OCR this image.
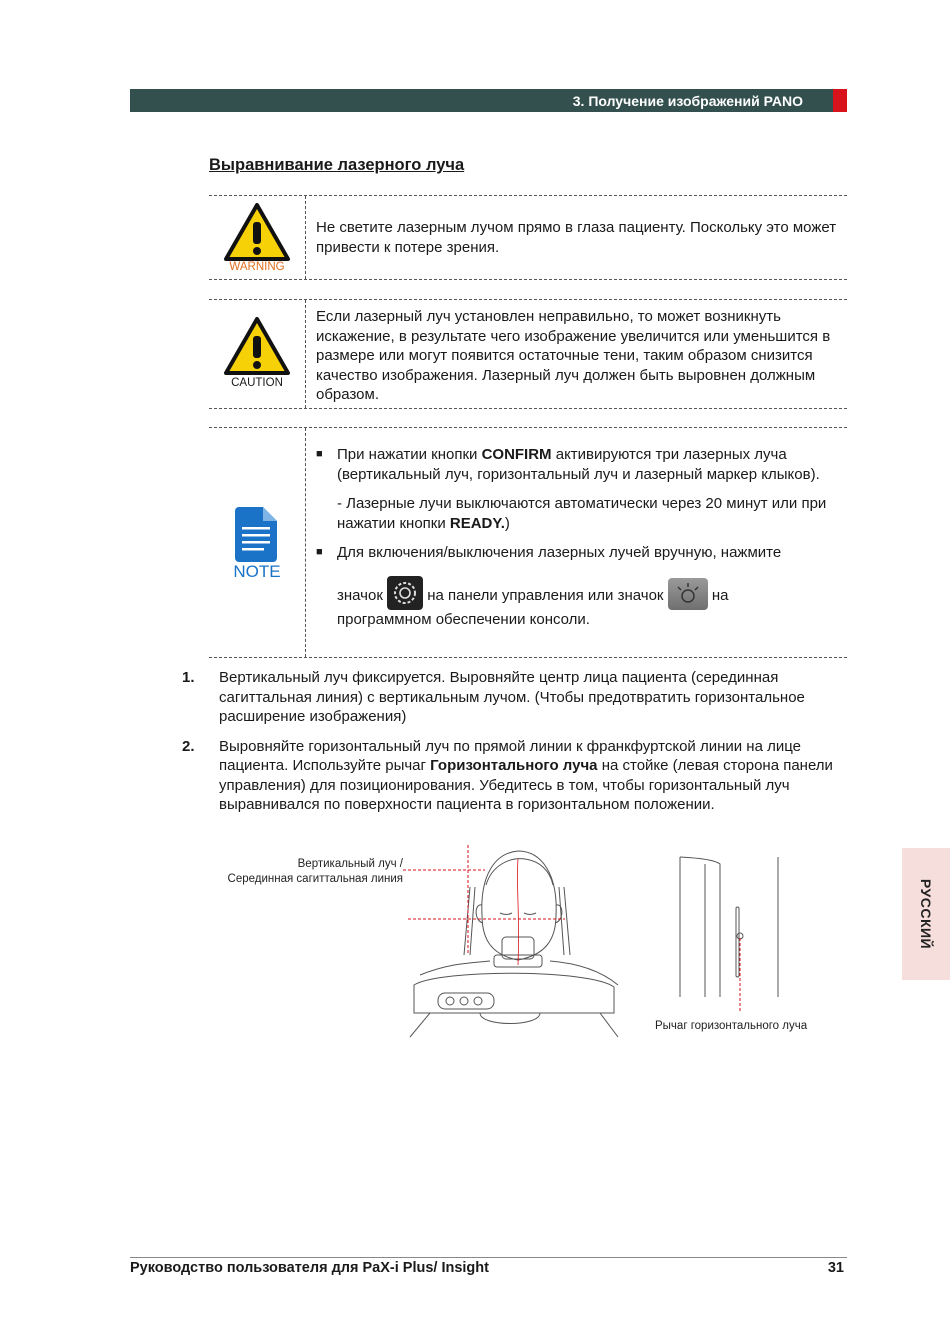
3. Получение изображений PANO
Выравнивание лазерного луча
WARNING
Не светите лазерным лучом прямо в глаза пациенту. Поскольку это может привести к потере зрения.
CAUTION
Если лазерный луч установлен неправильно, то может возникнуть искажение, в результате чего изображение увеличится или уменьшится в размере или могут появится остаточные тени, таким образом снизится качество изображения. Лазерный луч должен быть выровнен должным образом.
NOTE
■ При нажатии кнопки CONFIRM активируются три лазерных луча (вертикальный луч, горизонтальный луч и лазерный маркер клыков).
- Лазерные лучи выключаются автоматически через 20 минут или при нажатии кнопки READY.)
■ Для включения/выключения лазерных лучей вручную, нажмите
значок	на панели управления или значок	на
программном обеспечении консоли.
1. Вертикальный луч фиксируется. Выровняйте центр лица пациента (серединная сагиттальная линия) с вертикальным лучом. (Чтобы предотвратить горизонтальное расширение изображения)
2. Выровняйте горизонтальный луч по прямой линии к франкфуртской линии на лице пациента. Используйте рычаг Горизонтального луча на стойке (левая сторона панели управления) для позиционирования. Убедитесь в том, чтобы горизонтальный луч выравнивался по поверхности пациента в горизонтальном положении.
Вертикальный луч /
Серединная сагиттальная линия
Рычаг горизонтального луча
РУССКИЙ
Руководство пользователя для PaX-i Plus/ Insight	31
